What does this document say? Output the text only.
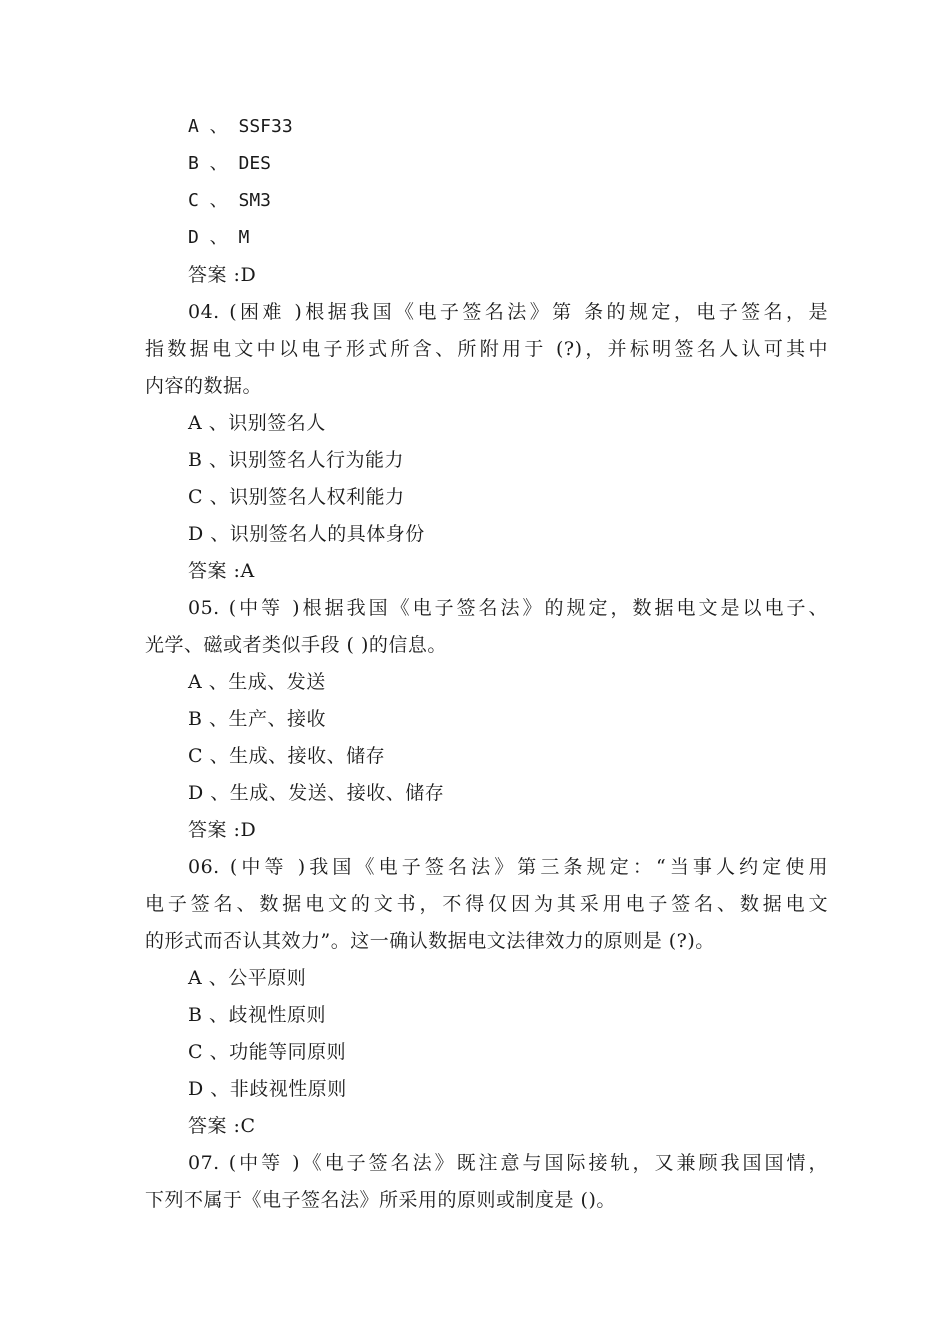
A 、 SSF33
B 、 DES
C 、 SM3
D 、 M
答案 :D
04. (困难 )根据我国《电子签名法》第 条的规定，电子签名，是
指数据电文中以电子形式所含、所附用于 (?)，并标明签名人认可其中
内容的数据。
A 、识别签名人
B 、识别签名人行为能力
C 、识别签名人权利能力
D 、识别签名人的具体身份
答案 :A
05. (中等 )根据我国《电子签名法》的规定，数据电文是以电子、
光学、磁或者类似手段 ( )的信息。
A 、生成、发送
B 、生产、接收
C 、生成、接收、储存
D 、生成、发送、接收、储存
答案 :D
06. (中等 )我国《电子签名法》第三条规定：“当事人约定使用
电子签名、数据电文的文书，不得仅因为其采用电子签名、数据电文
的形式而否认其效力”。这一确认数据电文法律效力的原则是 (?)。
A 、公平原则
B 、歧视性原则
C 、功能等同原则
D 、非歧视性原则
答案 :C
07. (中等 )《电子签名法》既注意与国际接轨，又兼顾我国国情，
下列不属于《电子签名法》所采用的原则或制度是 ()。
